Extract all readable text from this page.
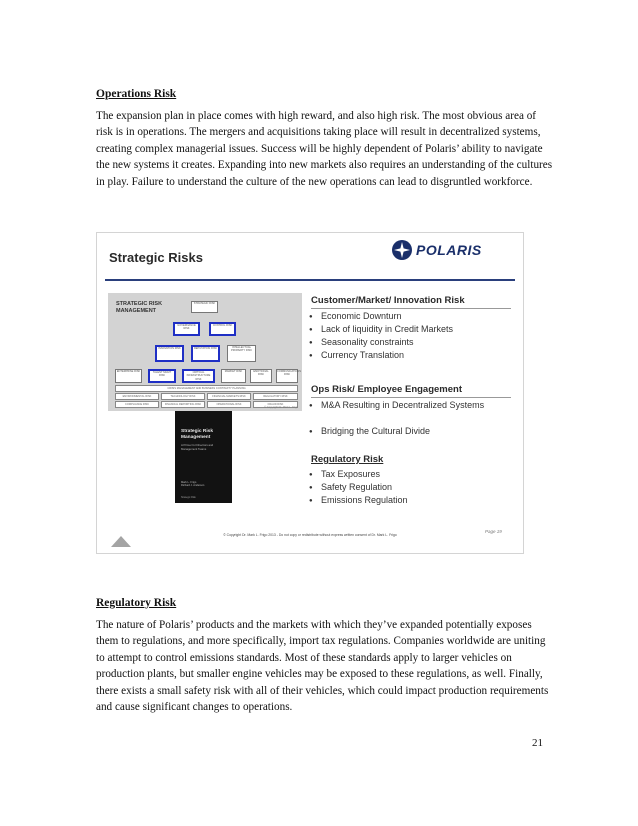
Operations Risk

The expansion plan in place comes with high reward, and also high risk. The most obvious area of risk is in operations. The mergers and acquisitions taking place will result in decentralized systems, creating complex managerial issues. Success will be highly dependent of Polaris’ ability to navigate the new systems it creates. Expanding into new markets also requires an understanding of the cultures in play. Failure to understand the culture of the new operations can lead to disgruntled workforce.

Strategic Risks	POLARIS
STRATEGIC RISK MANAGEMENT
STRATEGIC RISK
GOVERNANCE RISK
CONTROL RISK
INNOVATION RISK	REPUTATION RISK	INTELLECTUAL PROPERTY RISK
ENTERPRISE RISK	TALENT MGMT RISK
CRITICAL INFRASTRUCTURE RISK
MARKET RISK	EMOTIONAL RISK
COMMUNICATIONS RISK
CRISIS MANAGEMENT AND BUSINESS CONTINUITY PLANNING
ENVIRONMENTAL RISK	TECHNOLOGY RISK	FINANCIAL MARKETS RISK	REGULATORY RISK
COMPLIANCE RISK	FINANCIAL REPORTING RISK	OPERATIONAL RISK	FRAUD RISK
© Copyright Dr. Mark L. Frigo
Strategic Risk Management
A Primer for Directors and Management Teams
Mark L. Frigo
Richard J. Anderson
Strategic Risk
Customer/Market/ Innovation Risk
● Economic Downturn
● Lack of liquidity in Credit Markets
● Seasonality constraints
● Currency Translation
Ops Risk/ Employee Engagement
● M&A Resulting in Decentralized Systems
● Bridging the Cultural Divide
Regulatory Risk
● Tax Exposures
● Safety Regulation
● Emissions Regulation
Page 19
© Copyright Dr. Mark L. Frigo 2013 - Do not copy or redistribute without express written consent of Dr. Mark L. Frigo
Regulatory Risk

The nature of Polaris’ products and the markets with which they’ve expanded potentially exposes them to regulations, and more specifically, import tax regulations. Companies worldwide are uniting to attempt to control emissions standards. Most of these standards apply to larger vehicles on production plants, but smaller engine vehicles may be exposed to these regulations, as well. Finally, there exists a small safety risk with all of their vehicles, which could impact production requirements and cause significant changes to operations.

21
